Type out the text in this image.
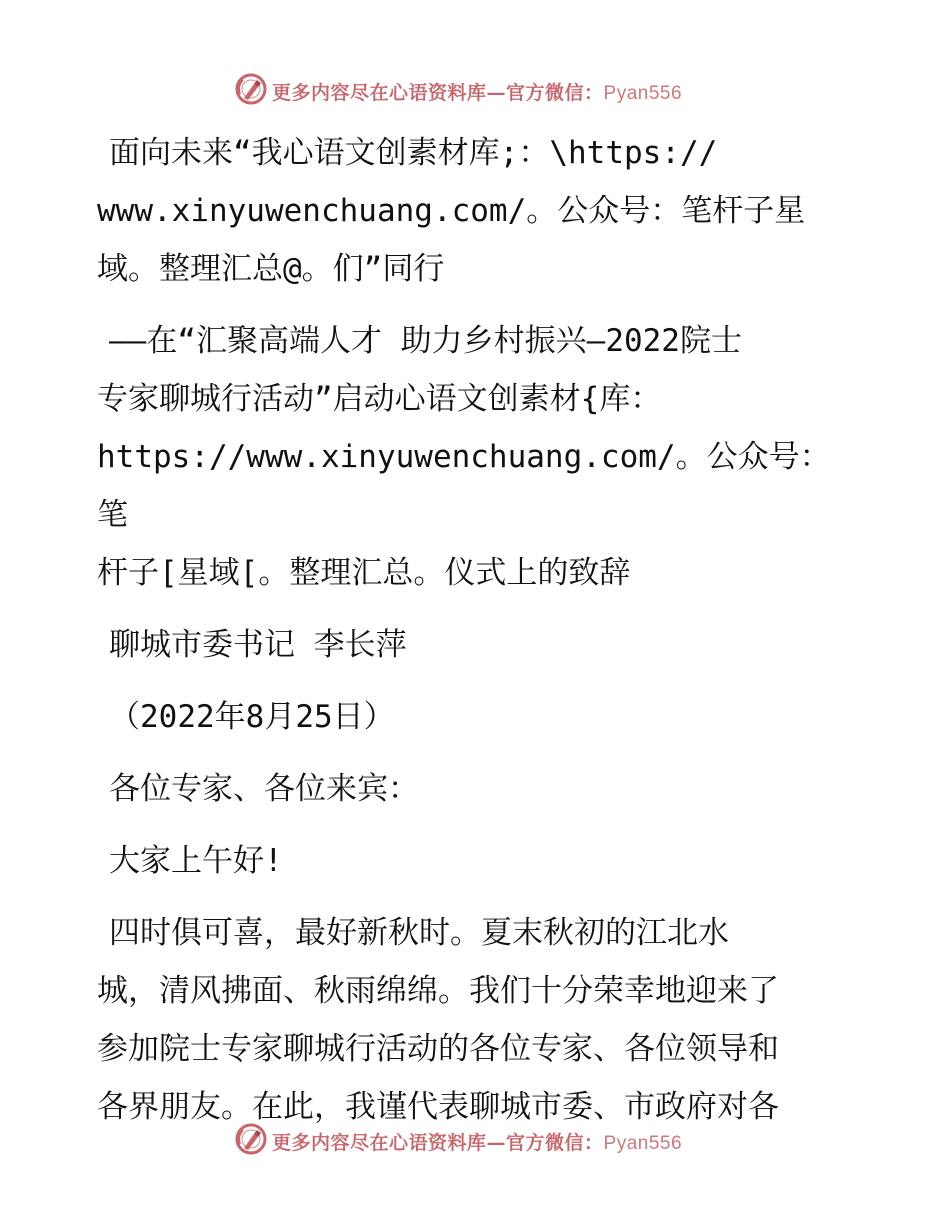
更多内容尽在心语资料库—官方微信：Pyan556
面向未来“我心语文创素材库;：\https://
www.xinyuwenchuang.com/。公众号：笔杆子星
域。整理汇总@。们”同行
——在“汇聚高端人才 助力乡村振兴—2022院士
专家聊城行活动”启动心语文创素材{库：
https://www.xinyuwenchuang.com/。公众号：笔
杆子[星域[。整理汇总。仪式上的致辞
聊城市委书记 李长萍
（2022年8月25日）
各位专家、各位来宾：
大家上午好!
四时俱可喜，最好新秋时。夏末秋初的江北水
城，清风拂面、秋雨绵绵。我们十分荣幸地迎来了
参加院士专家聊城行活动的各位专家、各位领导和
各界朋友。在此，我谨代表聊城市委、市政府对各
更多内容尽在心语资料库—官方微信：Pyan556
